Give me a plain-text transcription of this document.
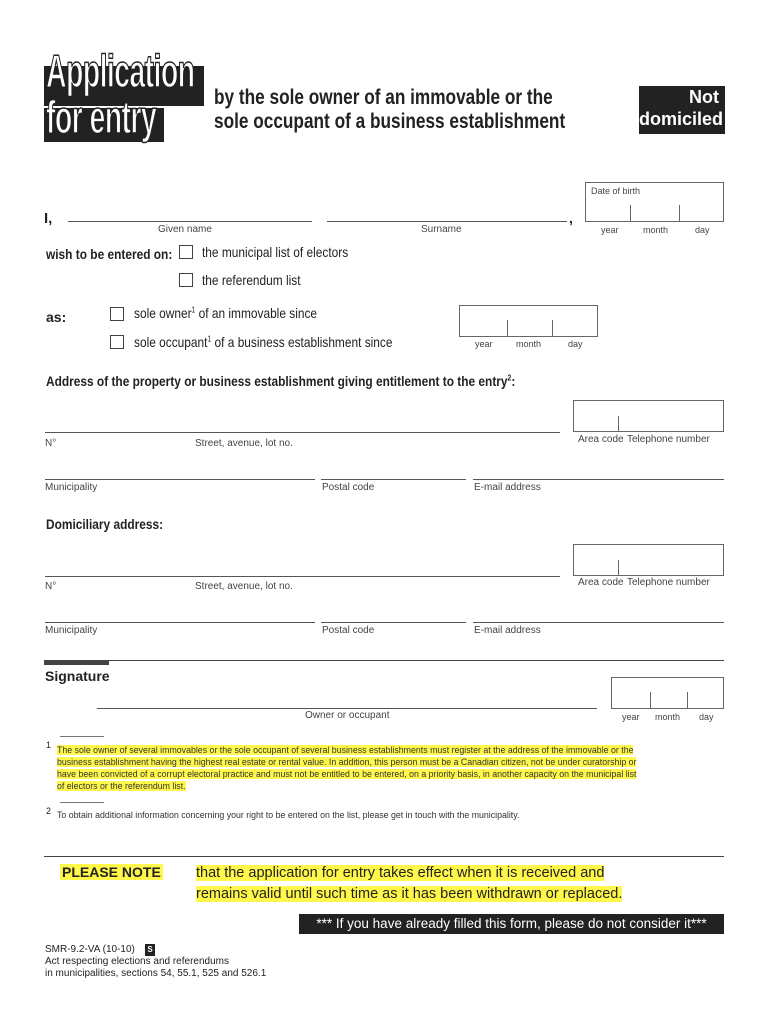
Application
for entry	by the sole owner of an immovable or the
sole occupant of a business establishment
Not
domiciled
Date of birth
year	month	day
I,
Given name
,
Surname
wish to be entered on: the municipal list of electors
the referendum list
as:	sole owner$^1$ of an immovable since
sole occupant$^1$ of a business establishment since	year	month	day
Address of the property or business establishment giving entitlement to the entry$^2$:
Area code Telephone number
N°	Street, avenue, lot no.
Municipality	Postal code	E-mail address
Domiciliary address:
Area code Telephone number
N°	Street, avenue, lot no.
Municipality	Postal code	E-mail address
Signature
Owner or occupant	year month day
1 The sole owner of several immovables or the sole occupant of several business establishments must register at the address of the immovable or the
business establishment having the highest real estate or rental value. In addition, this person must be a Canadian citizen, not be under curatorship or
have been convicted of a corrupt electoral practice and must not be entitled to be entered, on a priority basis, in another capacity on the municipal list
of electors or the referendum list.
2 To obtain additional information concerning your right to be entered on the list, please get in touch with the municipality.
PLEASE NOTE that the application for entry takes effect when it is received and
remains valid until such time as it has been withdrawn or replaced.
*** If you have already filled this form, please do not consider it***
SMR-9.2-VA (10-10) S
Act respecting elections and referendums
in municipalities, sections 54, 55.1, 525 and 526.1
